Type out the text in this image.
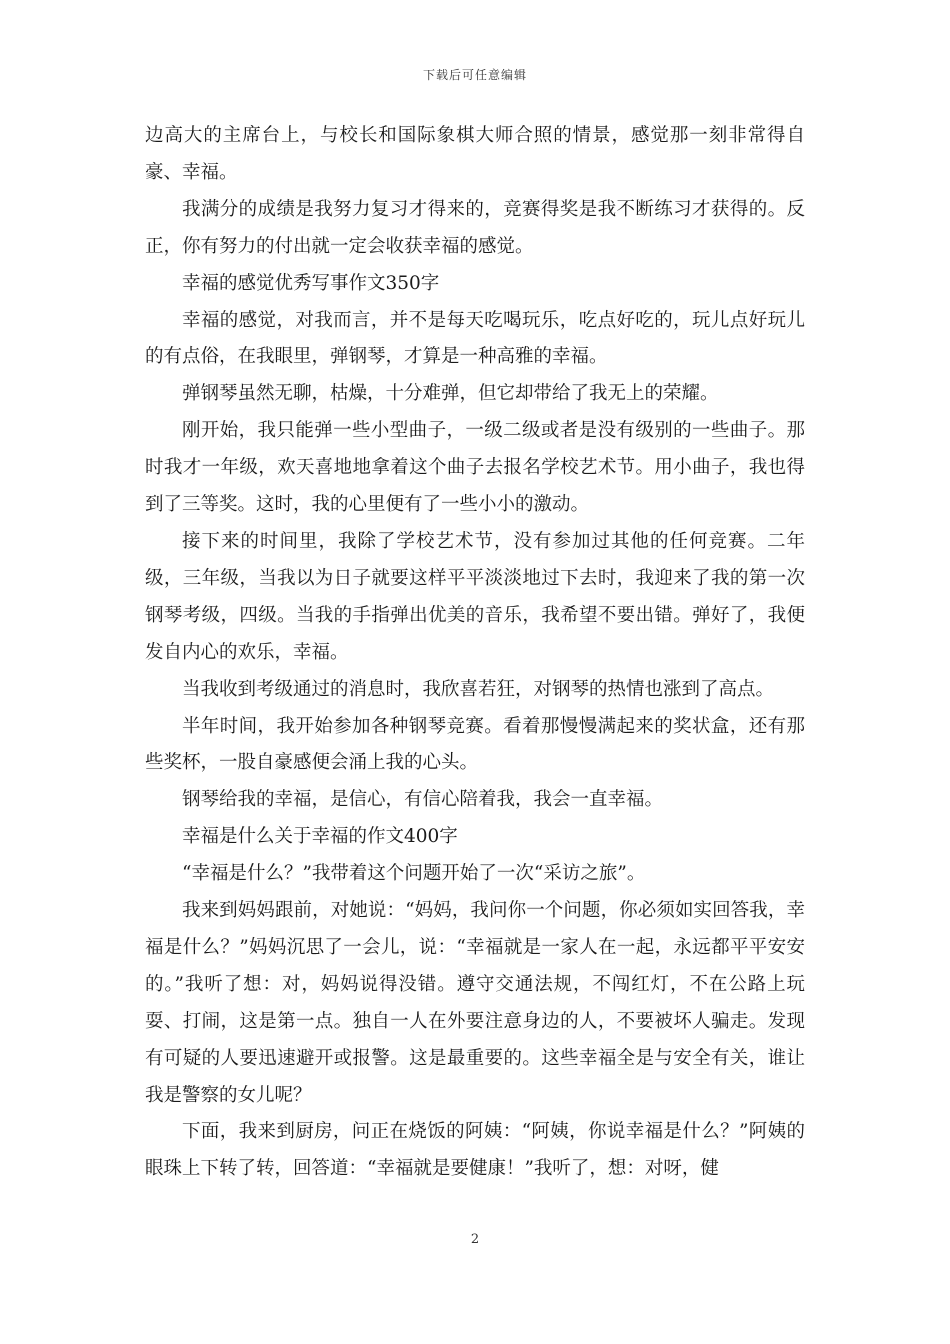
下载后可任意编辑

边高大的主席台上，与校长和国际象棋大师合照的情景，感觉那一刻非常得自豪、幸福。

我满分的成绩是我努力复习才得来的，竞赛得奖是我不断练习才获得的。反正，你有努力的付出就一定会收获幸福的感觉。

幸福的感觉优秀写事作文350字

幸福的感觉，对我而言，并不是每天吃喝玩乐，吃点好吃的，玩儿点好玩儿的有点俗，在我眼里，弹钢琴，才算是一种高雅的幸福。

弹钢琴虽然无聊，枯燥，十分难弹，但它却带给了我无上的荣耀。

刚开始，我只能弹一些小型曲子，一级二级或者是没有级别的一些曲子。那时我才一年级，欢天喜地地拿着这个曲子去报名学校艺术节。用小曲子，我也得到了三等奖。这时，我的心里便有了一些小小的激动。

接下来的时间里，我除了学校艺术节，没有参加过其他的任何竞赛。二年级，三年级，当我以为日子就要这样平平淡淡地过下去时，我迎来了我的第一次钢琴考级，四级。当我的手指弹出优美的音乐，我希望不要出错。弹好了，我便发自内心的欢乐，幸福。

当我收到考级通过的消息时，我欣喜若狂，对钢琴的热情也涨到了高点。

半年时间，我开始参加各种钢琴竞赛。看着那慢慢满起来的奖状盒，还有那些奖杯，一股自豪感便会涌上我的心头。

钢琴给我的幸福，是信心，有信心陪着我，我会一直幸福。

幸福是什么关于幸福的作文400字

“幸福是什么？”我带着这个问题开始了一次“采访之旅”。

我来到妈妈跟前，对她说：“妈妈，我问你一个问题，你必须如实回答我，幸福是什么？”妈妈沉思了一会儿，说：“幸福就是一家人在一起，永远都平平安安的。”我听了想：对，妈妈说得没错。遵守交通法规，不闯红灯，不在公路上玩耍、打闹，这是第一点。独自一人在外要注意身边的人，不要被坏人骗走。发现有可疑的人要迅速避开或报警。这是最重要的。这些幸福全是与安全有关，谁让我是警察的女儿呢？

下面，我来到厨房，问正在烧饭的阿姨：“阿姨，你说幸福是什么？”阿姨的眼珠上下转了转，回答道：“幸福就是要健康！”我听了，想：对呀，健

2
